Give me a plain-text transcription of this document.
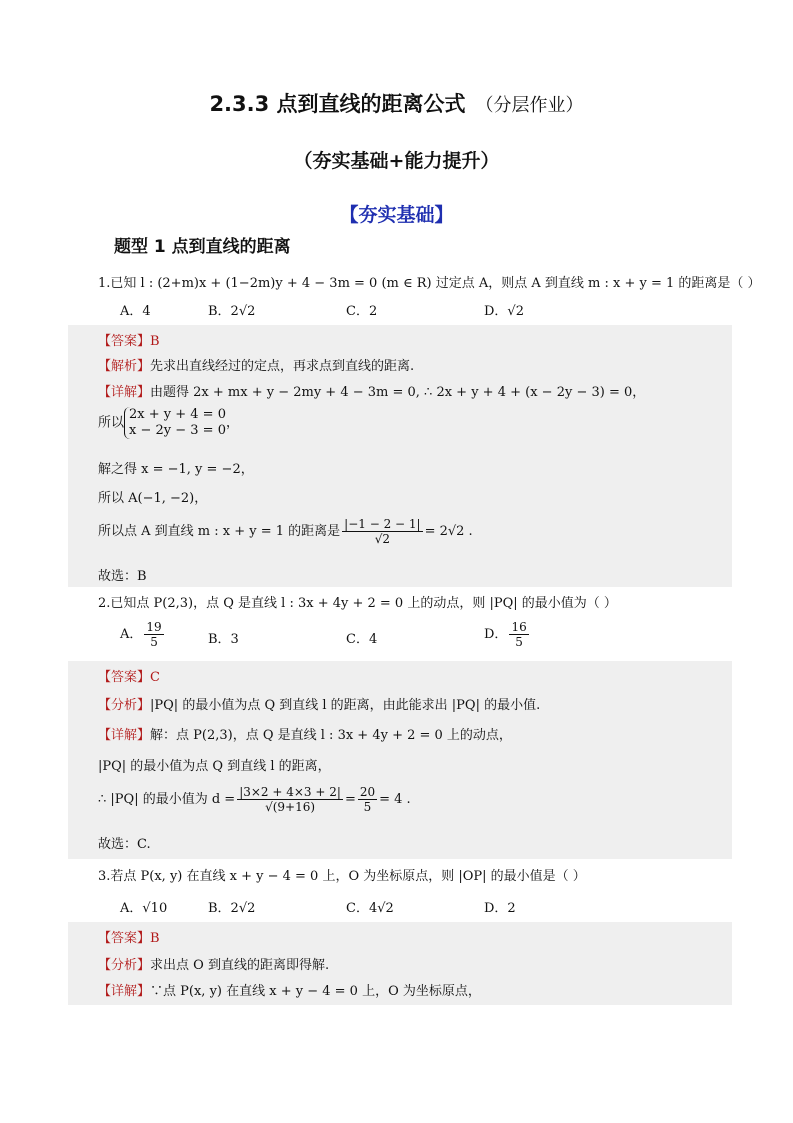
2.3.3 点到直线的距离公式 （分层作业）
（夯实基础+能力提升）
【夯实基础】
题型 1 点到直线的距离
1.已知 l : (2+m)x + (1−2m)y + 4 − 3m = 0 (m ∈ R) 过定点 A，则点 A 到直线 m : x + y = 1 的距离是（ ）
A．4	B．2√2	C．2	D．√2
【答案】B
【解析】先求出直线经过的定点，再求点到直线的距离.
【详解】由题得 2x + mx + y − 2my + 4 − 3m = 0, ∴ 2x + y + 4 + (x − 2y − 3) = 0，
所以
2x + y + 4 = 0
x − 2y − 3 = 0 ，
解之得 x = −1, y = −2，
所以 A(−1, −2)，
所以点 A 到直线 m : x + y = 1 的距离是 $\frac{|-1 - 2 - 1|}{√2} = 2√2$ .
故选：B
2.已知点 P(2,3)，点 Q 是直线 l : 3x + 4y + 2 = 0 上的动点，则 |PQ| 的最小值为（ ）
A． $\frac{19}{5}$	B．3	C．4	D． $\frac{16}{5}$
【答案】C
【分析】|PQ| 的最小值为点 Q 到直线 l 的距离，由此能求出 |PQ| 的最小值.
【详解】解：点 P(2,3)，点 Q 是直线 l : 3x + 4y + 2 = 0 上的动点，
|PQ| 的最小值为点 Q 到直线 l 的距离，
∴ |PQ| 的最小值为 $d = \frac{|3\times 2 + 4\times 3 + 2|}{√(9+16)} = \frac{20}{5} = 4$ .
故选：C.
3.若点 P(x, y) 在直线 x + y − 4 = 0 上，O 为坐标原点，则 |OP| 的最小值是（ ）
A．√10	B．2√2	C．4√2	D．2
【答案】B
【分析】求出点 O 到直线的距离即得解.
【详解】∵点 P(x, y) 在直线 x + y − 4 = 0 上，O 为坐标原点，
